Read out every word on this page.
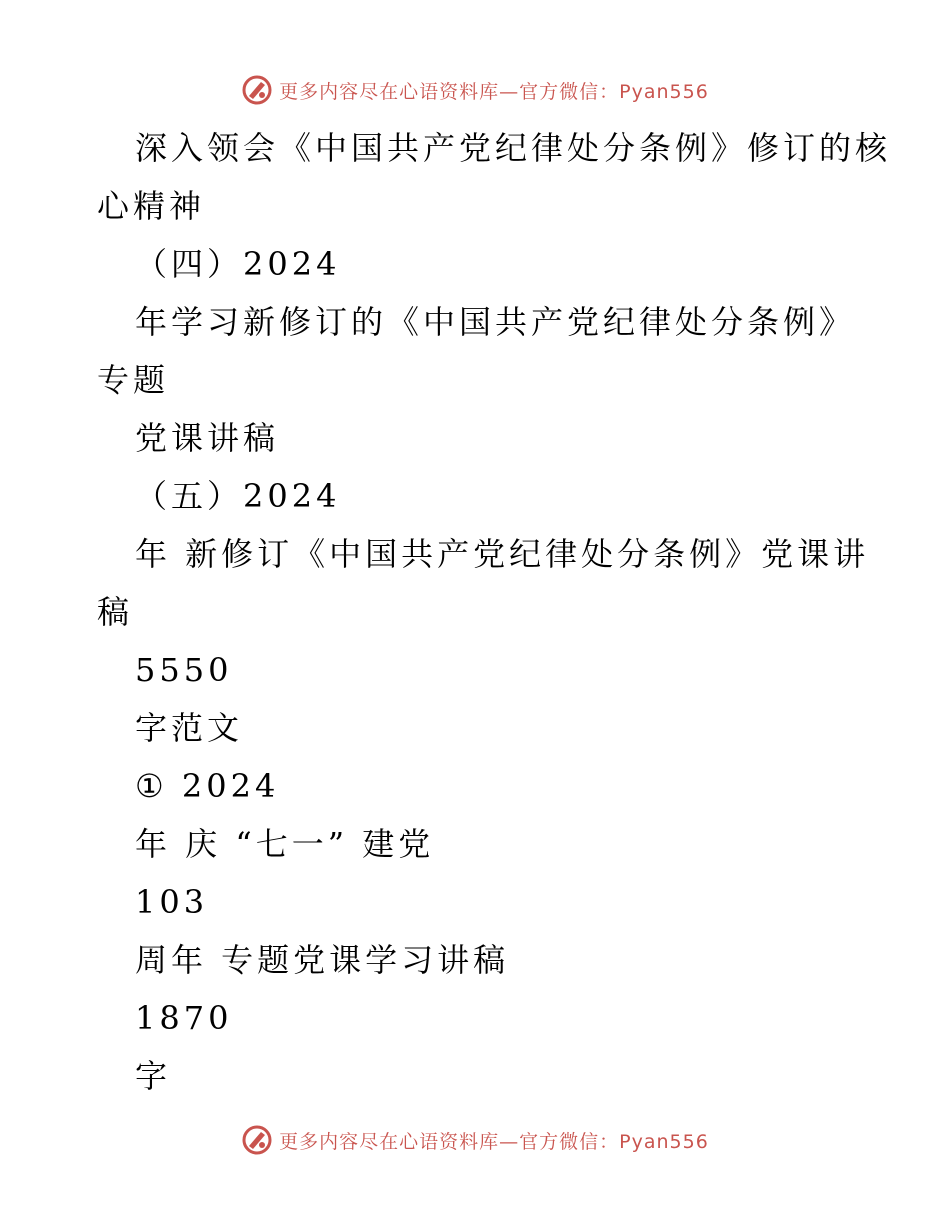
更多内容尽在心语资料库—官方微信：Pyan556
深入领会《中国共产党纪律处分条例》修订的核
心精神
（四）2024
年学习新修订的《中国共产党纪律处分条例》
专题
党课讲稿
（五）2024
年 新修订《中国共产党纪律处分条例》党课讲
稿
5550
字范文
① 2024
年 庆 “七一” 建党
103
周年 专题党课学习讲稿
1870
字
更多内容尽在心语资料库—官方微信：Pyan556
